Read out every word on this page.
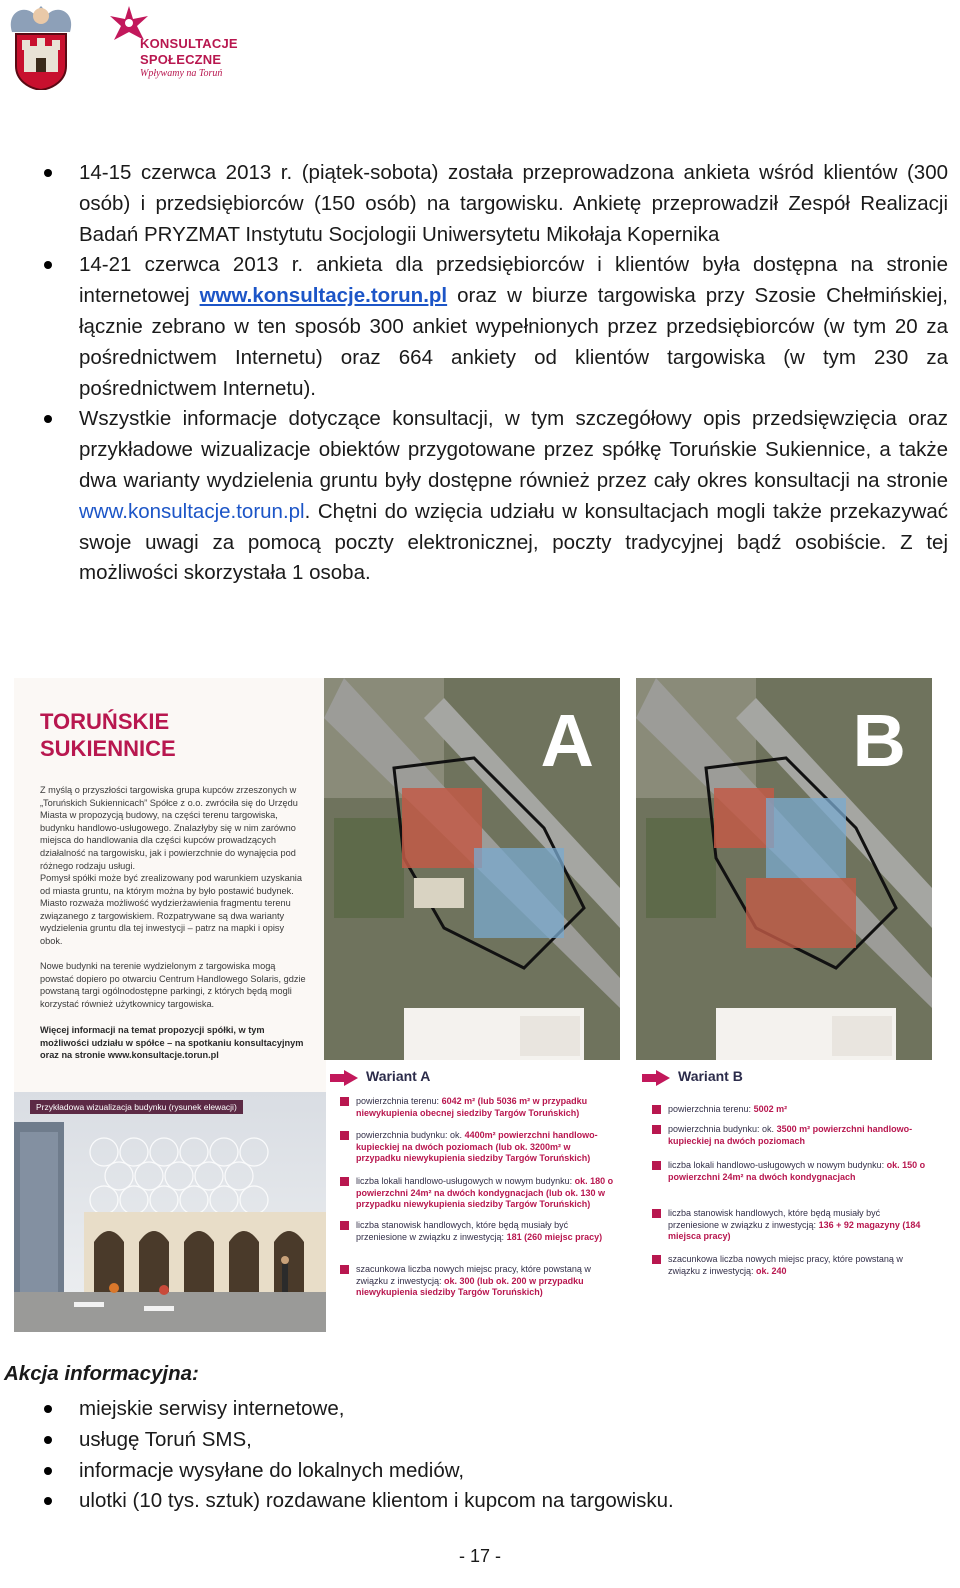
KONSULTACJE
SPOŁECZNE
Wpływamy na Toruń
14-15 czerwca 2013 r. (piątek-sobota) została przeprowadzona ankieta wśród klientów (300 osób) i przedsiębiorców (150 osób) na targowisku. Ankietę przeprowadził Zespół Realizacji Badań PRYZMAT Instytutu Socjologii Uniwersytetu Mikołaja Kopernika
14-21 czerwca 2013 r. ankieta dla przedsiębiorców i klientów była dostępna na stronie internetowej www.konsultacje.torun.pl oraz w biurze targowiska przy Szosie Chełmińskiej, łącznie zebrano w ten sposób 300 ankiet wypełnionych przez przedsiębiorców (w tym 20 za pośrednictwem Internetu) oraz 664 ankiety od klientów targowiska (w tym 230 za pośrednictwem Internetu).
Wszystkie informacje dotyczące konsultacji, w tym szczegółowy opis przedsięwzięcia oraz przykładowe wizualizacje obiektów przygotowane przez spółkę Toruńskie Sukiennice, a także dwa warianty wydzielenia gruntu były dostępne również przez cały okres konsultacji na stronie www.konsultacje.torun.pl. Chętni do wzięcia udziału w konsultacjach mogli także przekazywać swoje uwagi za pomocą poczty elektronicznej, poczty tradycyjnej bądź osobiście. Z tej możliwości skorzystała 1 osoba.
TORUŃSKIE
SUKIENNICE
Z myślą o przyszłości targowiska grupa kupców zrzeszonych w „Toruńskich Sukiennicach” Spółce z o.o. zwróciła się do Urzędu Miasta w propozycją budowy, na części terenu targowiska, budynku handlowo-usługowego. Znalazłyby się w nim zarówno miejsca do handlowania dla części kupców prowadzących działalność na targowisku, jak i powierzchnie do wynajęcia pod różnego rodzaju usługi.
Pomysł spółki może być zrealizowany pod warunkiem uzyskania od miasta gruntu, na którym można by było postawić budynek. Miasto rozważa możliwość wydzierżawienia fragmentu terenu związanego z targowiskiem. Rozpatrywane są dwa warianty wydzielenia gruntu dla tej inwestycji – patrz na mapki i opisy obok.
Nowe budynki na terenie wydzielonym z targowiska mogą powstać dopiero po otwarciu Centrum Handlowego Solaris, gdzie powstaną targi ogólnodostępne parkingi, z których będą mogli korzystać również użytkownicy targowiska.
Więcej informacji na temat propozycji spółki, w tym możliwości udziału w spółce – na spotkaniu konsultacyjnym oraz na stronie www.konsultacje.torun.pl
Przykładowa wizualizacja budynku (rysunek elewacji)
A	B
Wariant A
powierzchnia terenu: 6042 m² (lub 5036 m² w przypadku niewykupienia obecnej siedziby Targów Toruńskich)
powierzchnia budynku: ok. 4400m² powierzchni handlowo-kupieckiej na dwóch poziomach (lub ok. 3200m² w przypadku niewykupienia siedziby Targów Toruńskich)
liczba lokali handlowo-usługowych w nowym budynku: ok. 180 o powierzchni 24m² na dwóch kondygnacjach (lub ok. 130 w przypadku niewykupienia siedziby Targów Toruńskich)
liczba stanowisk handlowych, które będą musiały być przeniesione w związku z inwestycją: 181 (260 miejsc pracy)
szacunkowa liczba nowych miejsc pracy, które powstaną w związku z inwestycją: ok. 300 (lub ok. 200 w przypadku niewykupienia siedziby Targów Toruńskich)
Wariant B
powierzchnia terenu: 5002 m²
powierzchnia budynku: ok. 3500 m² powierzchni handlowo-kupieckiej na dwóch poziomach
liczba lokali handlowo-usługowych w nowym budynku: ok. 150 o powierzchni 24m² na dwóch kondygnacjach
liczba stanowisk handlowych, które będą musiały być przeniesione w związku z inwestycją: 136 + 92 magazyny (184 miejsca pracy)
szacunkowa liczba nowych miejsc pracy, które powstaną w związku z inwestycją: ok. 240
Akcja informacyjna:
miejskie serwisy internetowe,
usługę Toruń SMS,
informacje wysyłane do lokalnych mediów,
ulotki (10 tys. sztuk) rozdawane klientom i kupcom na targowisku.
- 17 -
